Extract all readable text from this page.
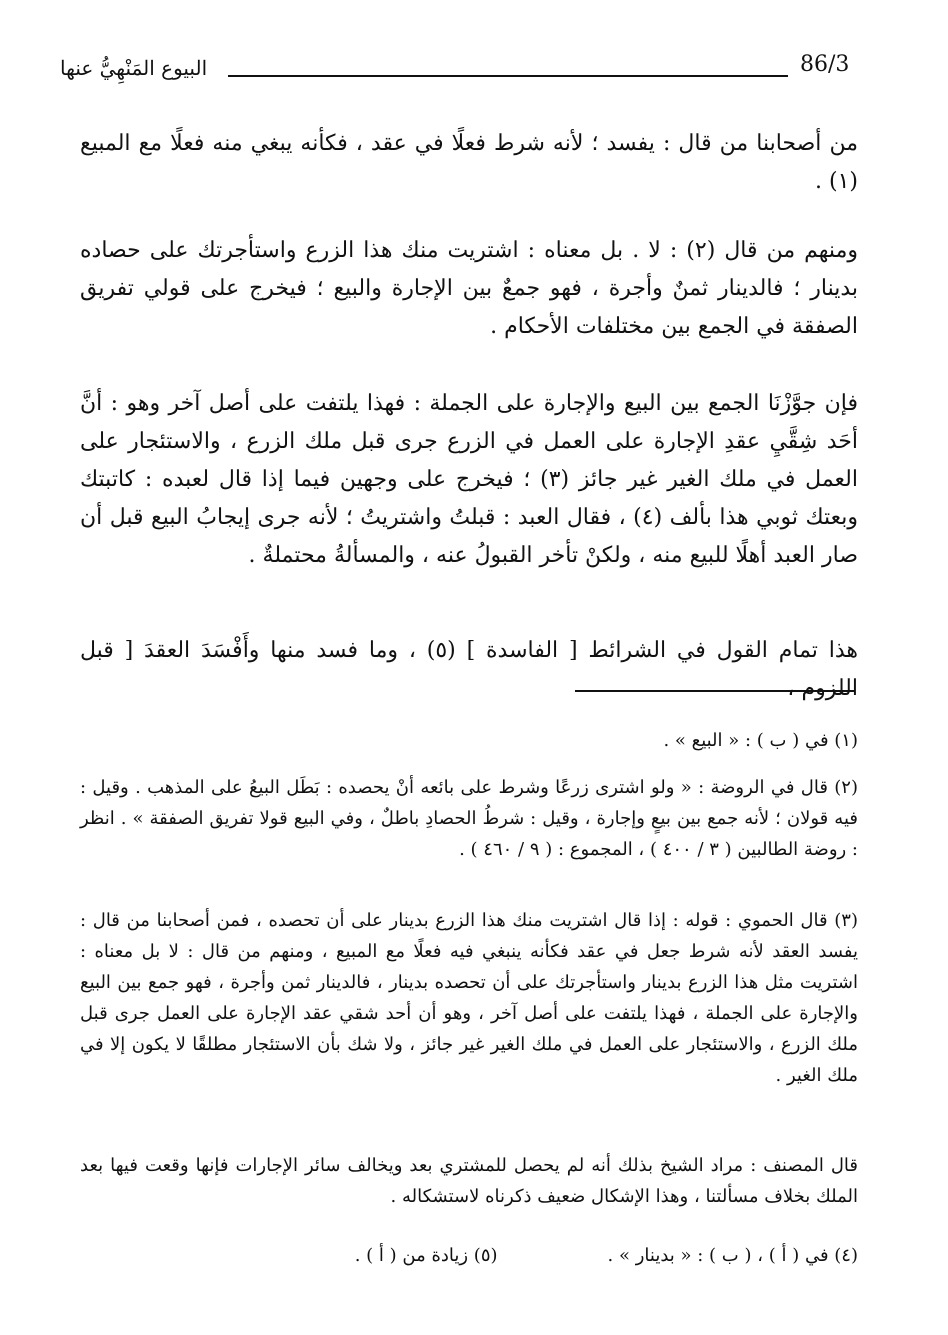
86/3
البيوع المَنْهِيُّ عنها

من أصحابنا من قال : يفسد ؛ لأنه شرط فعلًا في عقد ، فكأنه يبغي منه فعلًا مع المبيع (١) .

ومنهم من قال (٢) : لا . بل معناه : اشتريت منك هذا الزرع واستأجرتك على حصاده بدينار ؛ فالدينار ثمنٌ وأجرة ، فهو جمعٌ بين الإجارة والبيع ؛ فيخرج على قولي تفريق الصفقة في الجمع بين مختلفات الأحكام .

فإن جوَّزْنَا الجمع بين البيع والإجارة على الجملة : فهذا يلتفت على أصل آخر وهو : أنَّ أحَد شِقَّيِ عقدِ الإجارة على العمل في الزرع جرى قبل ملك الزرع ، والاستئجار على العمل في ملك الغير غير جائز (٣) ؛ فيخرج على وجهين فيما إذا قال لعبده : كاتبتك وبعتك ثوبي هذا بألف (٤) ، فقال العبد : قبلتُ واشتريتُ ؛ لأنه جرى إيجابُ البيع قبل أن صار العبد أهلًا للبيع منه ، ولكنْ تأخر القبولُ عنه ، والمسألةُ محتملةٌ .

هذا تمام القول في الشرائط [ الفاسدة ] (٥) ، وما فسد منها وأَفْسَدَ العقدَ [ قبل اللزوم ،

(١) في ( ب ) : « البيع » .

(٢) قال في الروضة : « ولو اشترى زرعًا وشرط على بائعه أنْ يحصده : بَطَل البيعُ على المذهب . وقيل : فيه قولان ؛ لأنه جمع بين بيعٍ وإجارة ، وقيل : شرطُ الحصادِ باطلٌ ، وفي البيع قولا تفريق الصفقة » . انظر : روضة الطالبين ( ٣ / ٤٠٠ ) ، المجموع : ( ٩ / ٤٦٠ ) .

(٣) قال الحموي : قوله : إذا قال اشتريت منك هذا الزرع بدينار على أن تحصده ، فمن أصحابنا من قال : يفسد العقد لأنه شرط جعل في عقد فكأنه ينبغي فيه فعلًا مع المبيع ، ومنهم من قال : لا بل معناه : اشتريت مثل هذا الزرع بدينار واستأجرتك على أن تحصده بدينار ، فالدينار ثمن وأجرة ، فهو جمع بين البيع والإجارة على الجملة ، فهذا يلتفت على أصل آخر ، وهو أن أحد شقي عقد الإجارة على العمل جرى قبل ملك الزرع ، والاستئجار على العمل في ملك الغير غير جائز ، ولا شك بأن الاستئجار مطلقًا لا يكون إلا في ملك الغير .

قال المصنف : مراد الشيخ بذلك أنه لم يحصل للمشتري بعد ويخالف سائر الإجارات فإنها وقعت فيها بعد الملك بخلاف مسألتنا ، وهذا الإشكال ضعيف ذكرناه لاستشكاله .

(٤) في ( أ ) ، ( ب ) : « بدينار » .
(٥) زيادة من ( أ ) .
